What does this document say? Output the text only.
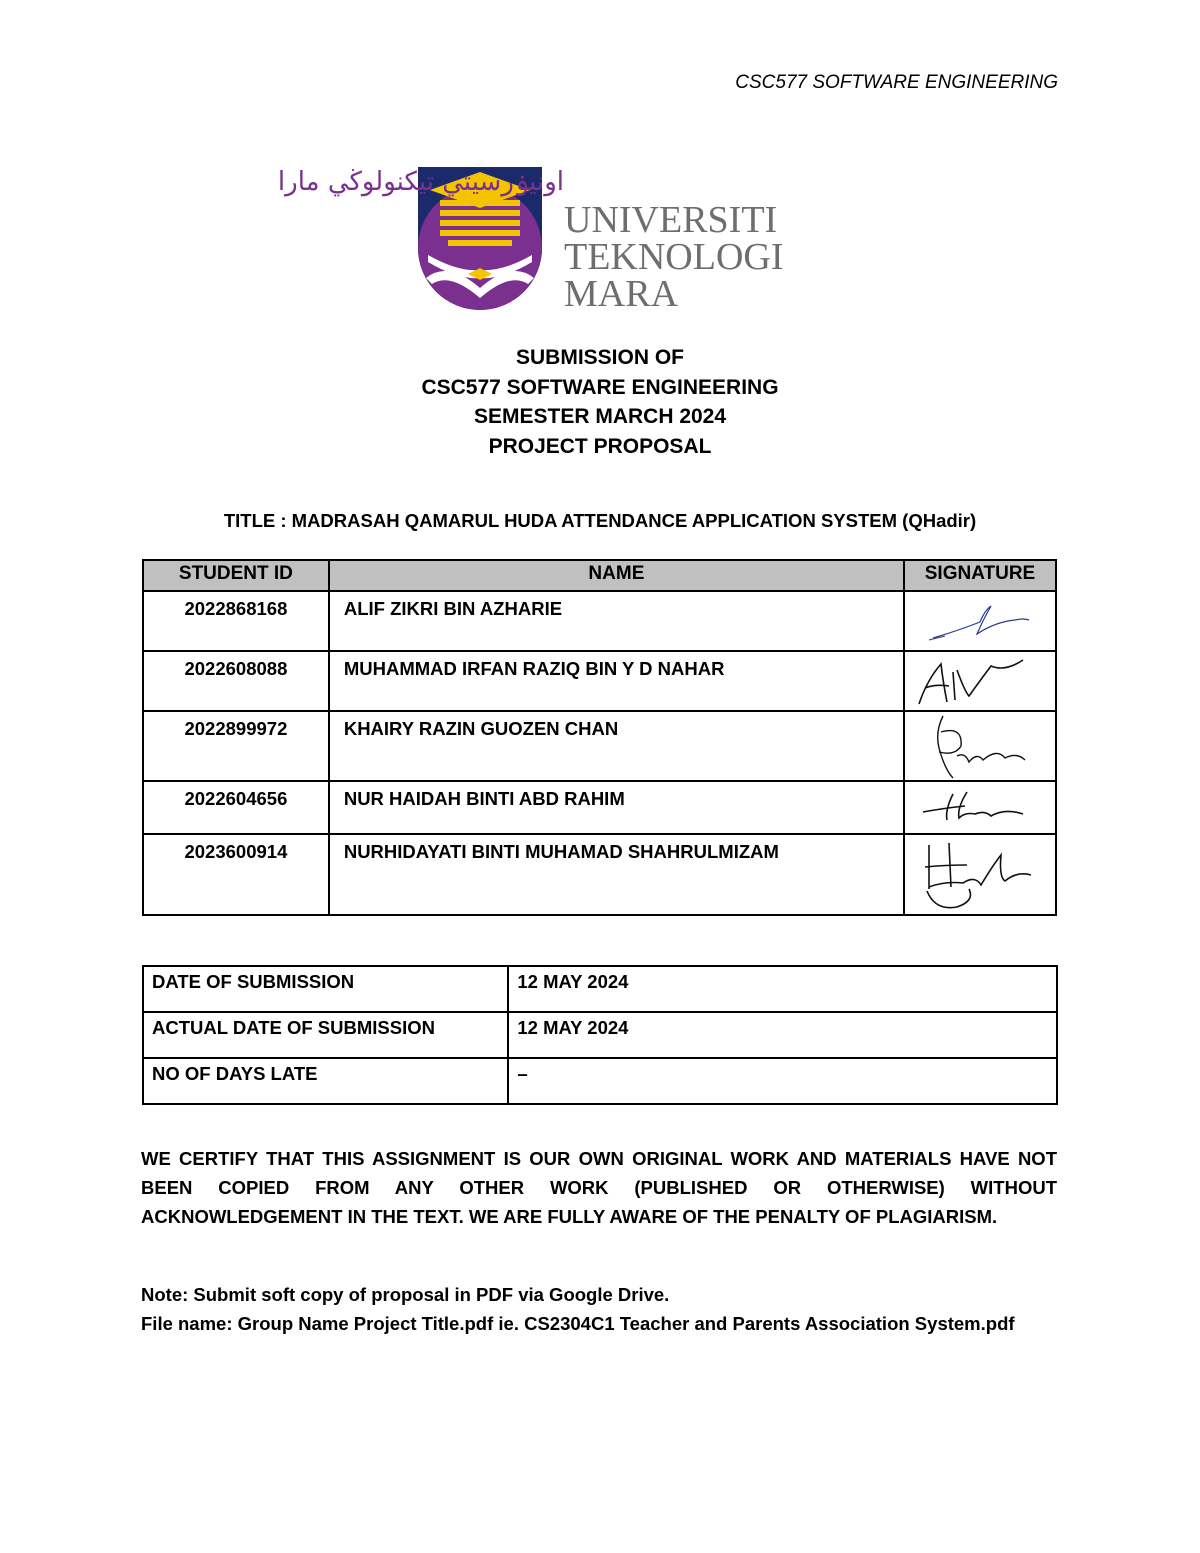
CSC577 SOFTWARE ENGINEERING
اونيۏرسيتي تيکنولوڬي مارا
UNIVERSITI
TEKNOLOGI
MARA
SUBMISSION OF
CSC577 SOFTWARE ENGINEERING
SEMESTER MARCH 2024
PROJECT PROPOSAL
TITLE : MADRASAH QAMARUL HUDA ATTENDANCE APPLICATION SYSTEM (QHadir)
STUDENT ID	NAME	SIGNATURE
2022868168	ALIF ZIKRI BIN AZHARIE	

2022608088	MUHAMMAD IRFAN RAZIQ BIN Y D NAHAR	

2022899972	KHAIRY RAZIN GUOZEN CHAN	

2022604656	NUR HAIDAH BINTI ABD RAHIM	

2023600914	NURHIDAYATI BINTI MUHAMAD SHAHRULMIZAM	
DATE OF SUBMISSION	12 MAY 2024
ACTUAL DATE OF SUBMISSION	12 MAY 2024
NO OF DAYS LATE	–
WE CERTIFY THAT THIS ASSIGNMENT IS OUR OWN ORIGINAL WORK AND MATERIALS HAVE NOT BEEN COPIED FROM ANY OTHER WORK (PUBLISHED OR OTHERWISE) WITHOUT ACKNOWLEDGEMENT IN THE TEXT. WE ARE FULLY AWARE OF THE PENALTY OF PLAGIARISM.

Note: Submit soft copy of proposal in PDF via Google Drive.

File name: Group Name Project Title.pdf ie. CS2304C1 Teacher and Parents Association System.pdf
